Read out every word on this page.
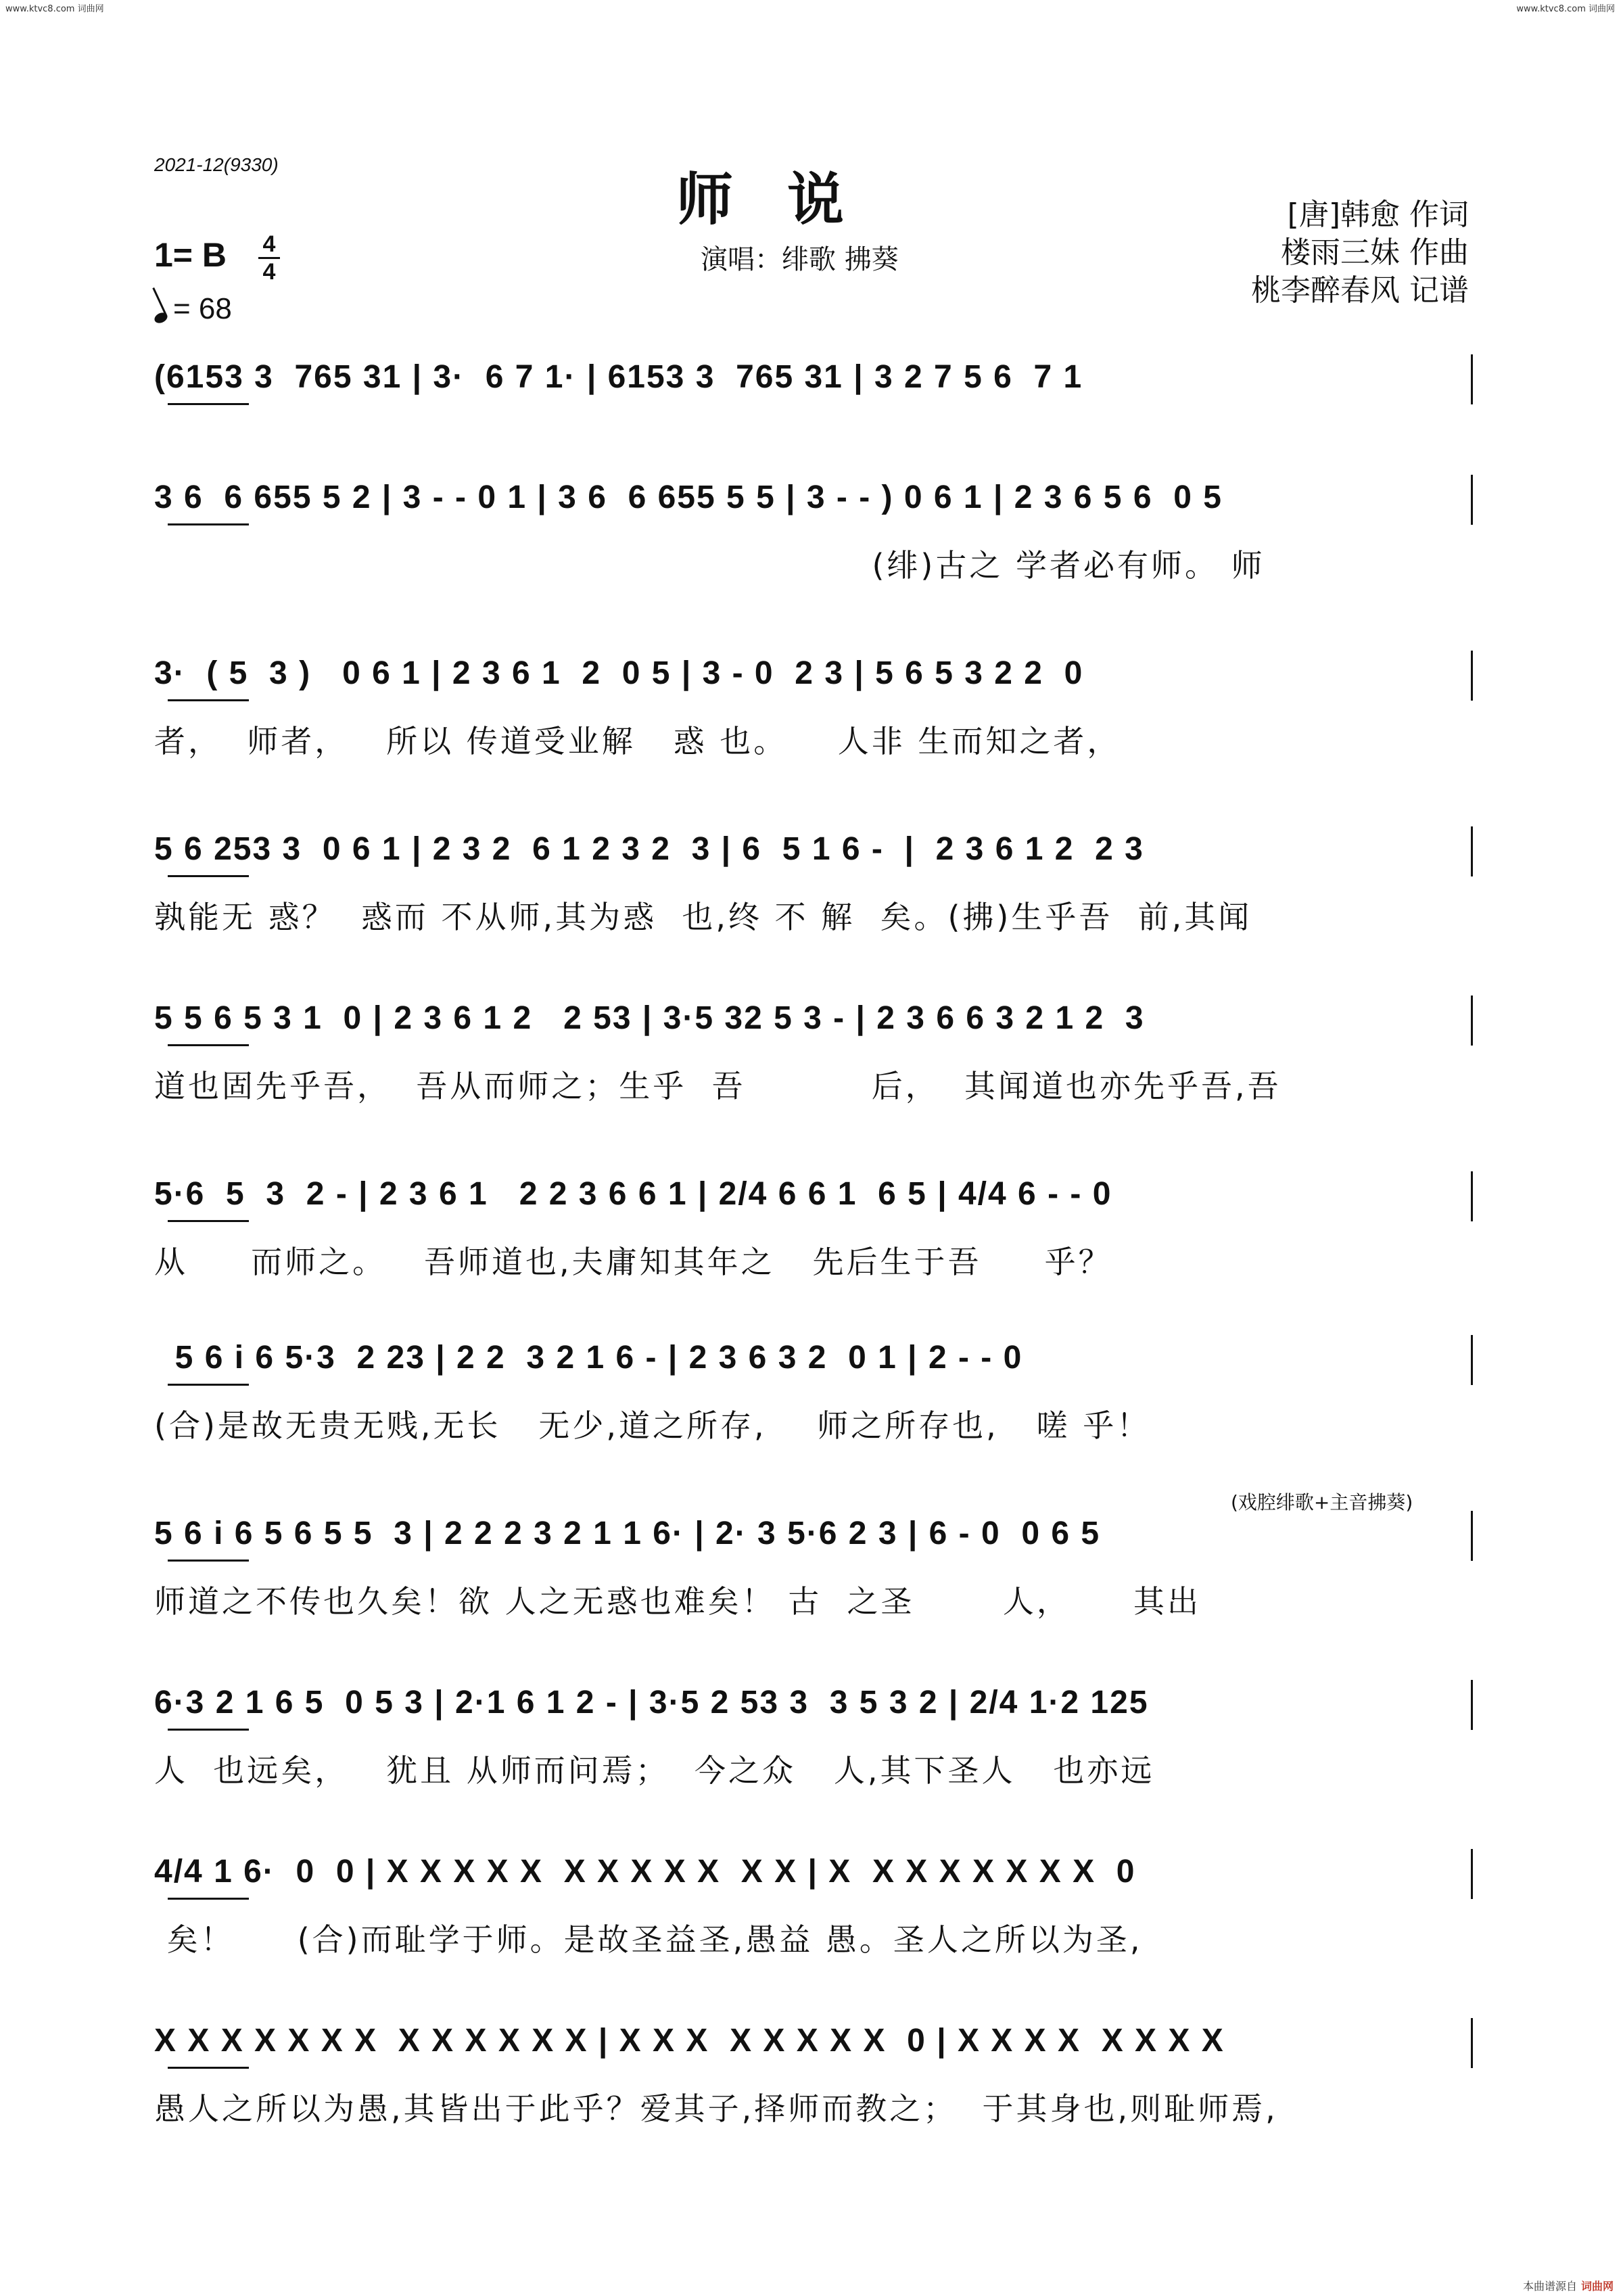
www.ktvc8.com 词曲网	www.ktvc8.com 词曲网
2021-12(9330)
师说
演唱：绯歌 拂葵
[唐]韩愈 作词
楼雨三妹 作曲
桃李醉春风 记谱
1= B	4
4
= 68
(6153 3  765 31 | 3·  6 7 1· | 6153 3  765 31 | 3 2 7 5 6  7 1
3 6  6 655 5 2 | 3 - - 0 1 | 3 6  6 655 5 5 | 3 - - ) 0 6 1 | 2 3 6 5 6  0 5
(绯)古之 学者必有师。 师
3·  ( 5  3 )   0 6 1 | 2 3 6 1  2  0 5 | 3 - 0  2 3 | 5 6 5 3 2 2  0
者，  师者，   所以 传道受业解   惑 也。    人非 生而知之者，
5 6 253 3  0 6 1 | 2 3 2  6 1 2 3 2  3 | 6  5 1 6 -  |  2 3 6 1 2  2 3
孰能无 惑？  惑而 不从师,其为惑  也,终 不 解  矣。(拂)生乎吾  前,其闻
5 5 6 5 3 1  0 | 2 3 6 1 2   2 53 | 3·5 32 5 3 - | 2 3 6 6 3 2 1 2  3
道也固先乎吾，  吾从而师之；生乎  吾          后，  其闻道也亦先乎吾,吾
5·6  5  3  2 - | 2 3 6 1   2 2 3 6 6 1 | 2/4 6 6 1  6 5 | 4/4 6 - - 0
从     而师之。   吾师道也,夫庸知其年之   先后生于吾     乎？
5 6 i 6 5·3  2 23 | 2 2  3 2 1 6 - | 2 3 6 3 2  0 1 | 2 - - 0
(合)是故无贵无贱,无长   无少,道之所存,    师之所存也,   嗟 乎！
5 6 i 6 5 6 5 5  3 | 2 2 2 3 2 1 1 6· | 2· 3 5·6 2 3 | 6 - 0  0 6 5
师道之不传也久矣！欲 人之无惑也难矣！ 古  之圣       人，     其出
6·3 2 1 6 5  0 5 3 | 2·1 6 1 2 - | 3·5 2 53 3  3 5 3 2 | 2/4 1·2 125
人  也远矣，   犹且 从师而问焉；  今之众   人,其下圣人   也亦远
4/4 1 6·  0  0 | X X X X X  X X X X X  X X | X  X X X X X X X  0
矣！     (合)而耻学于师。是故圣益圣,愚益 愚。圣人之所以为圣,
X X X X X X X  X X X X X X | X X X  X X X X X  0 | X X X X  X X X X
愚人之所以为愚,其皆出于此乎？爱其子,择师而教之；  于其身也,则耻师焉,
(戏腔绯歌+主音拂葵)
本曲谱源自 词曲网
